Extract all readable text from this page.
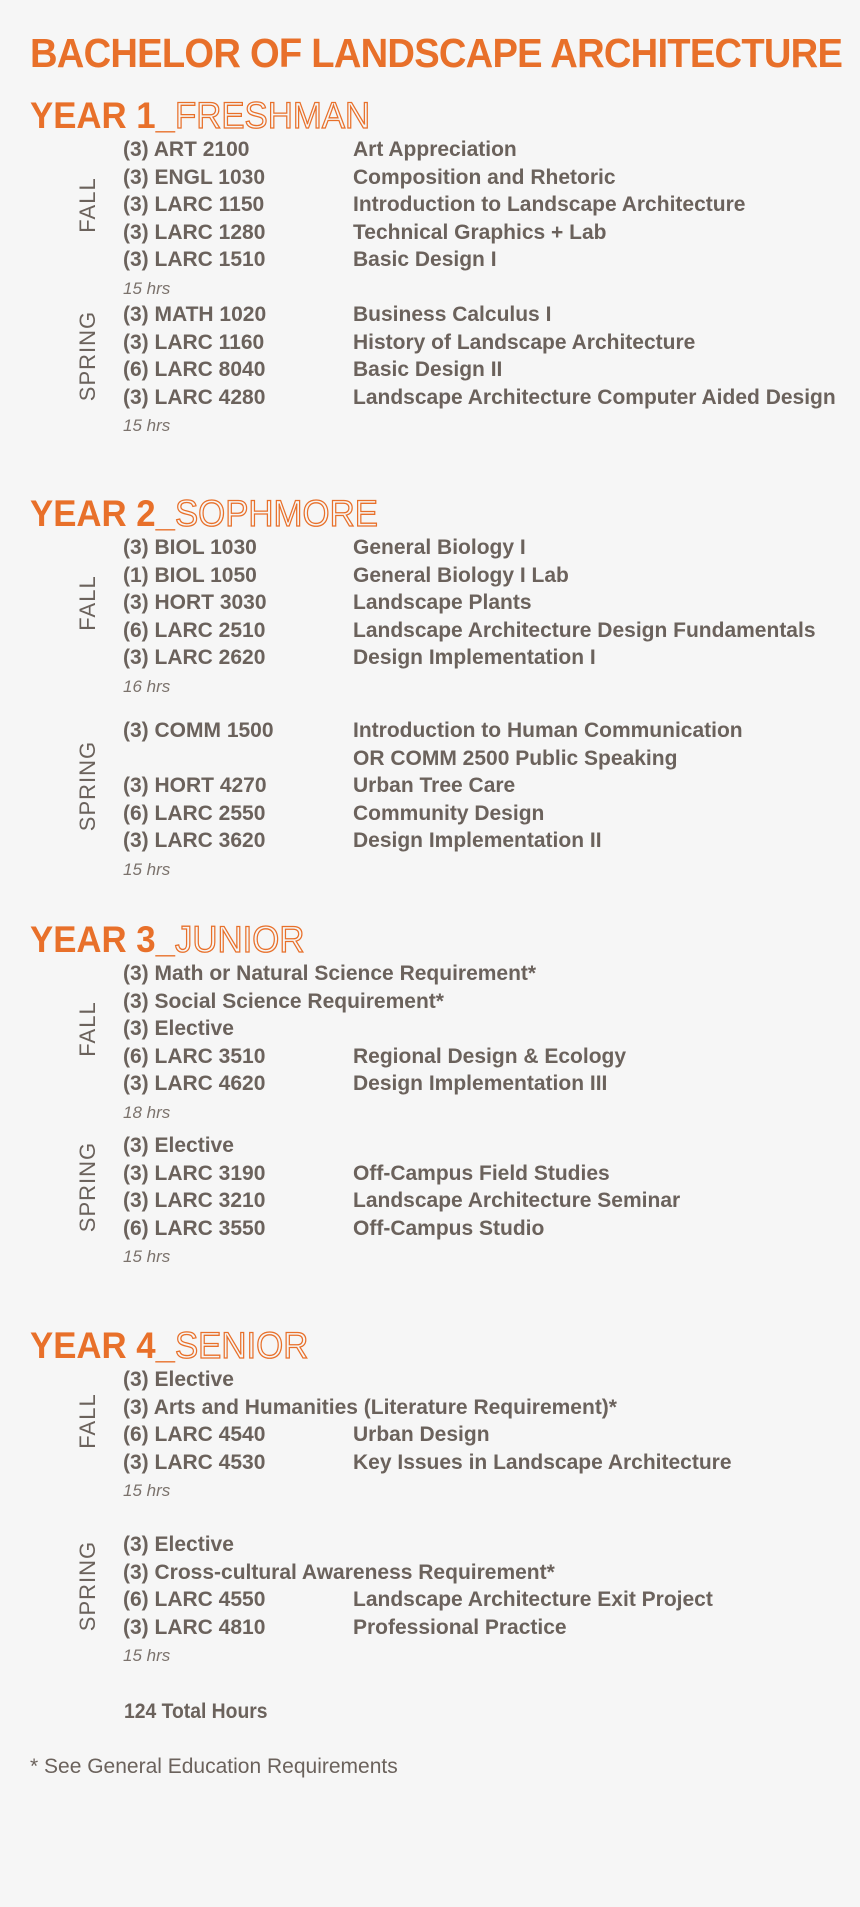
BACHELOR OF LANDSCAPE ARCHITECTURE
YEAR 1_FRESHMAN
FALL
(3) ART 2100	Art Appreciation
(3) ENGL 1030	Composition and Rhetoric
(3) LARC 1150	Introduction to Landscape Architecture
(3) LARC 1280	Technical Graphics + Lab
(3) LARC 1510	Basic Design I
15 hrs
SPRING (3) MATH 1020	Business Calculus I
(3) LARC 1160	History of Landscape Architecture
(6) LARC 8040	Basic Design II
(3) LARC 4280	Landscape Architecture Computer Aided Design
15 hrs
YEAR 2_SOPHMORE
FALL
(3) BIOL 1030	General Biology I
(1) BIOL 1050	General Biology I Lab
(3) HORT 3030	Landscape Plants
(6) LARC 2510	Landscape Architecture Design Fundamentals
(3) LARC 2620	Design Implementation I
16 hrs
SPRING
(3) COMM 1500	Introduction to Human Communication
OR COMM 2500 Public Speaking
(3) HORT 4270	Urban Tree Care
(6) LARC 2550	Community Design
(3) LARC 3620	Design Implementation II
15 hrs
YEAR 3_JUNIOR
FALL
(3) Math or Natural Science Requirement*
(3) Social Science Requirement*
(3) Elective
(6) LARC 3510	Regional Design & Ecology
(3) LARC 4620	Design Implementation III
18 hrs
SPRING (3) Elective
(3) LARC 3190	Off-Campus Field Studies
(3) LARC 3210	Landscape Architecture Seminar
(6) LARC 3550	Off-Campus Studio
15 hrs
YEAR 4_SENIOR
FALL
(3) Elective
(3) Arts and Humanities (Literature Requirement)*
(6) LARC 4540	Urban Design
(3) LARC 4530	Key Issues in Landscape Architecture
15 hrs
SPRING (3) Elective
(3) Cross-cultural Awareness Requirement*
(6) LARC 4550	Landscape Architecture Exit Project
(3) LARC 4810	Professional Practice
15 hrs
124 Total Hours
* See General Education Requirements
